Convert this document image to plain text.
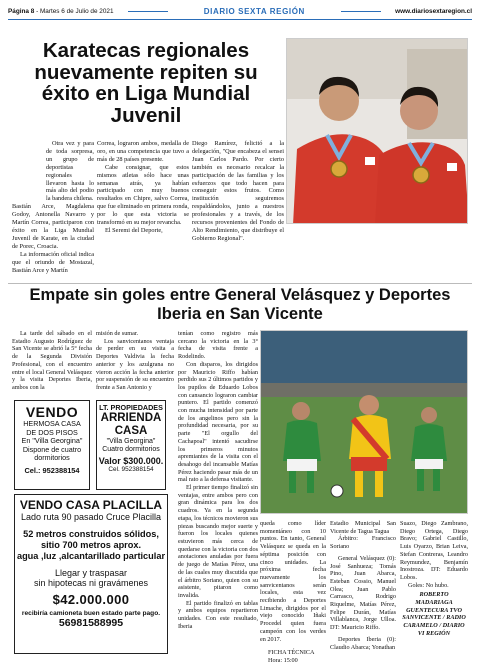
Página 8 - Martes 6 de Julio de 2021	DIARIO SEXTA REGIÓN	www.diariosextaregion.cl
Karatecas regionales nuevamente repiten su éxito en Liga Mundial Juvenil

Otra vez y para de toda sorpresa, un grupo de deportistas regionales llevaron hasta lo más alto del podio la bandera chilena.

Bastián Arce, Magdalena Godoy, Antonella Navarro y Martín Correa, participaron con éxito en la Liga Mundial Juvenil de Karate, en la ciudad de Porec, Croacia.

La información oficial indica que el oriundo de Mostazal, Bastián Arce y Martín

Correa, lograron ambos, medalla de oro, en una competencia que tuvo a más de 28 países presente.

Cabe consignar, que estos mismos atletas sólo hace unas semanas atrás, ya habían participado con muy buenos resultados en Chipre, salvo Correa, que fue eliminado en primera ronda, por lo que esta victoria se transformó en su mejor revancha.

El Seremi del Deporte,

Diego Ramírez, felicitó a la delegación, "Que encabeza el sensei Juan Carlos Pardo. Por cierto también es necesario recalcar la participación de las familias y los esfuerzos que todo hacen para conseguir estos frutos. Como institución seguiremos respaldándolos, junto a nuestros profesionales y a través, de los recursos provenientes del Fondo de Alto Rendimiento, que distribuye el Gobierno Regional".

Empate sin goles entre General Velásquez y Deportes Iberia en San Vicente

La tarde del sábado en el Estadio Augusto Rodríguez de San Vicente se abrió la 5° fecha de la Segunda División Profesional, con el encuentro entre el local General Velásquez y la visita Deportes Iberia, ambos con la

misión de sumar.

Los sanvicentanos ventaja de perder en su visita a Deportes Valdivia la fecha anterior y los azulgrana no vieron acción la fecha anterior por suspensión de su encuentro frente a San Antonio y

tenían como registro más cercano la victoria en la 3° fecha de visita frente a Rodelindo.

Con disparos, los dirigidos por Mauricio Riffo habían perdido sus 2 últimos partidos y los pupilos de Eduardo Lobos con cansancio lograron cambiar puntero. El partido comenzó con mucha intensidad por parte de los angelinos pero sin la profundidad necesaria, por su parte "El orgullo del Cachapoal" intentó sacudirse los primeros minutos apremiantes de la visita con el desahogo del incansable Matías Pérez haciendo pasar más de un mal rato a la defensa visitante.

El primer tiempo finalizó sin ventajas, entre ambos pero con gran dinámica para los dos cuadros. Ya en la segunda etapa, los técnicos movieron sus piezas buscando mejor suerte y fueron los locales quienes estuvieron más cerca de quedarse con la victoria con dos anotaciones anuladas por fuera de juego de Matías Pérez, una de las cuales muy discutida que el árbitro Soriano, quien con su asistente, pitaron como invalida.

El partido finalizó en tablas y ambos equipos repartieron unidades. Con este resultado, Iberia

VENDO
HERMOSA CASA
DE DOS PISOS
En "Villa Georgina"
Dispone de cuatro
dormitorios
Cel.: 952388154
LT. PROPIEDADES
ARRIENDA
CASA
"Villa Georgina"
Cuatro dormitorios
Valor $300.000.
Cel. 952388154
VENDO CASA PLACILLA
Lado ruta 90 pasado Cruce Placilla
52 metros construidos sólidos,
sitio 700 metros aprox.
agua ,luz ,alcantarillado particular
Llegar y traspasar
sin hipotecas ni gravámenes
$42.000.000
recibiría camioneta buen estado parte pago.
56981588995

queda como líder momentáneo con 10 puntos. En tanto, General Velásquez se queda en la séptima posición con cinco unidades. La próxima fecha nuevamente los sanvicentanos serán locales, esta vez recibiendo a Deportes Limache, dirigidos por el viejo conocido Iñaki Procedel quien fuera campeón con los verdes en 2017.

FICHA TÉCNICA

Hora: 15:00

Estadio Municipal San Vicente de Tagua Tagua

Árbitro: Francisco Soriano

General Velásquez (0): José Sanhueza; Tomás Pino, Juan Abarca, Esteban Cossio, Manuel Olea; Juan Pablo Carrasco, Rodrigo Riquelme, Matías Pérez, Felipe Durán, Matías Villablanca, Jorge Ulloa. DT: Mauricio Riffo.

Deportes Iberia (0): Claudio Abarca; Yonathan

Suazo, Diego Zambrano, Diego Ortega, Diego Bravo; Gabriel Castillo, Luis Oyarzo, Brian Leiva, Stefan Contreras, Leandro Reymundez, Benjamín Inostroza. DT: Eduardo Lobos.

Goles: No hubo.

ROBERTO MADARIAGA GUENTECURA TVO SANVICENTE / RADIO CARAMELO / DIARIO VI REGIÓN
